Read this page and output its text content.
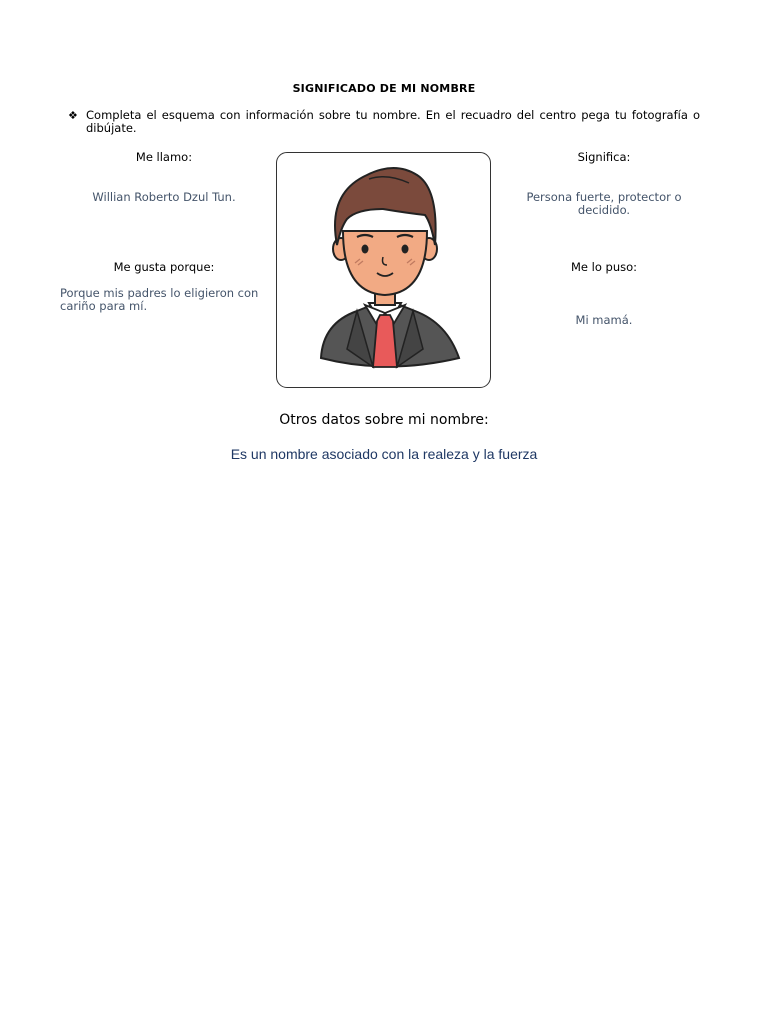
SIGNIFICADO DE MI NOMBRE
❖ Completa el esquema con información sobre tu nombre. En el recuadro del centro pega tu fotografía o dibújate.
Me llamo:
Willian Roberto Dzul Tun.
Me gusta porque:
Porque mis padres lo eligieron con cariño para mí.
Significa:
Persona fuerte, protector o decidido.
Me lo puso:
Mi mamá.
Otros datos sobre mi nombre:
Es un nombre asociado con la realeza y la fuerza
